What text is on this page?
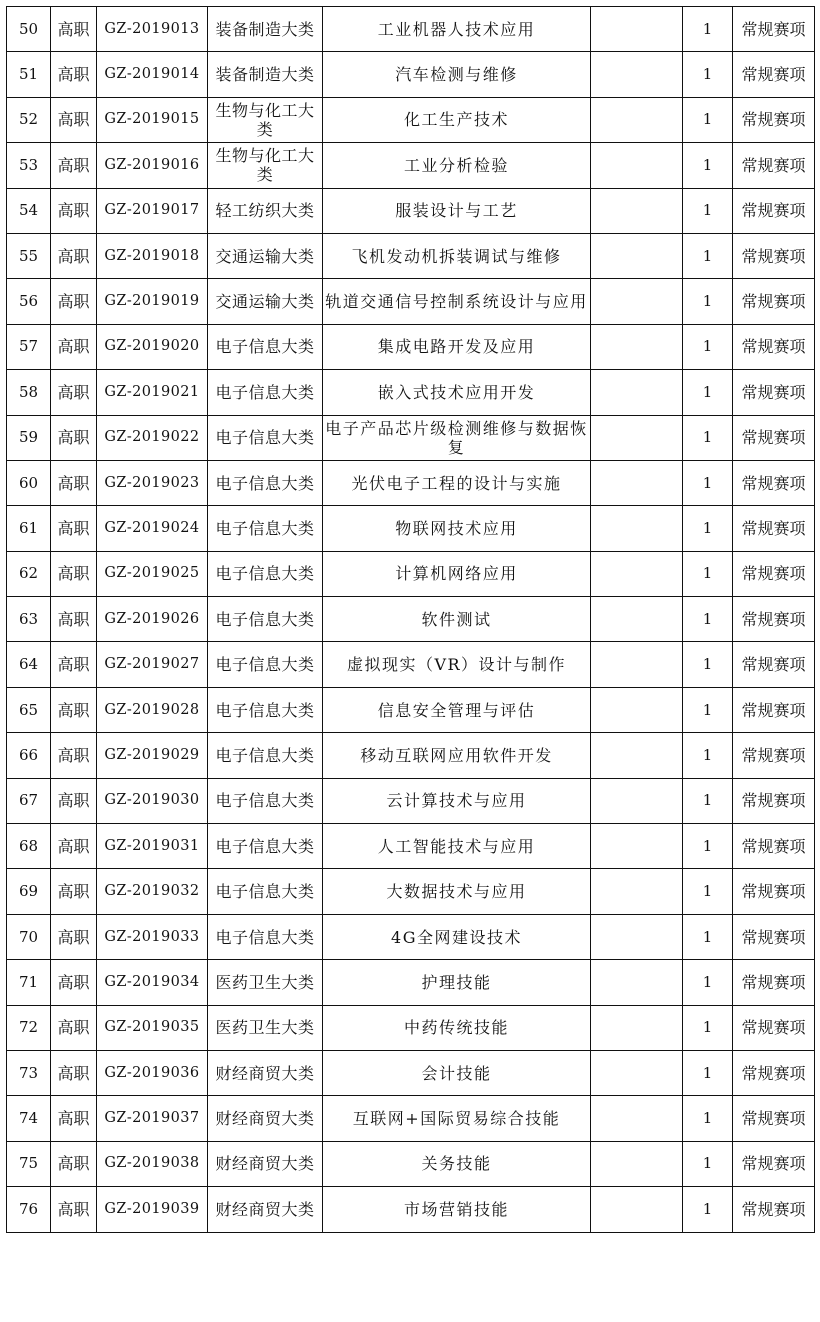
50	高职	GZ-2019013	装备制造大类	工业机器人技术应用		1	常规赛项
51	高职	GZ-2019014	装备制造大类	汽车检测与维修		1	常规赛项
52	高职	GZ-2019015	生物与化工大类	化工生产技术		1	常规赛项
53	高职	GZ-2019016	生物与化工大类	工业分析检验		1	常规赛项
54	高职	GZ-2019017	轻工纺织大类	服装设计与工艺		1	常规赛项
55	高职	GZ-2019018	交通运输大类	飞机发动机拆装调试与维修		1	常规赛项
56	高职	GZ-2019019	交通运输大类	轨道交通信号控制系统设计与应用		1	常规赛项
57	高职	GZ-2019020	电子信息大类	集成电路开发及应用		1	常规赛项
58	高职	GZ-2019021	电子信息大类	嵌入式技术应用开发		1	常规赛项
59	高职	GZ-2019022	电子信息大类	电子产品芯片级检测维修与数据恢复		1	常规赛项
60	高职	GZ-2019023	电子信息大类	光伏电子工程的设计与实施		1	常规赛项
61	高职	GZ-2019024	电子信息大类	物联网技术应用		1	常规赛项
62	高职	GZ-2019025	电子信息大类	计算机网络应用		1	常规赛项
63	高职	GZ-2019026	电子信息大类	软件测试		1	常规赛项
64	高职	GZ-2019027	电子信息大类	虚拟现实（VR）设计与制作		1	常规赛项
65	高职	GZ-2019028	电子信息大类	信息安全管理与评估		1	常规赛项
66	高职	GZ-2019029	电子信息大类	移动互联网应用软件开发		1	常规赛项
67	高职	GZ-2019030	电子信息大类	云计算技术与应用		1	常规赛项
68	高职	GZ-2019031	电子信息大类	人工智能技术与应用		1	常规赛项
69	高职	GZ-2019032	电子信息大类	大数据技术与应用		1	常规赛项
70	高职	GZ-2019033	电子信息大类	4G全网建设技术		1	常规赛项
71	高职	GZ-2019034	医药卫生大类	护理技能		1	常规赛项
72	高职	GZ-2019035	医药卫生大类	中药传统技能		1	常规赛项
73	高职	GZ-2019036	财经商贸大类	会计技能		1	常规赛项
74	高职	GZ-2019037	财经商贸大类	互联网+国际贸易综合技能		1	常规赛项
75	高职	GZ-2019038	财经商贸大类	关务技能		1	常规赛项
76	高职	GZ-2019039	财经商贸大类	市场营销技能		1	常规赛项
